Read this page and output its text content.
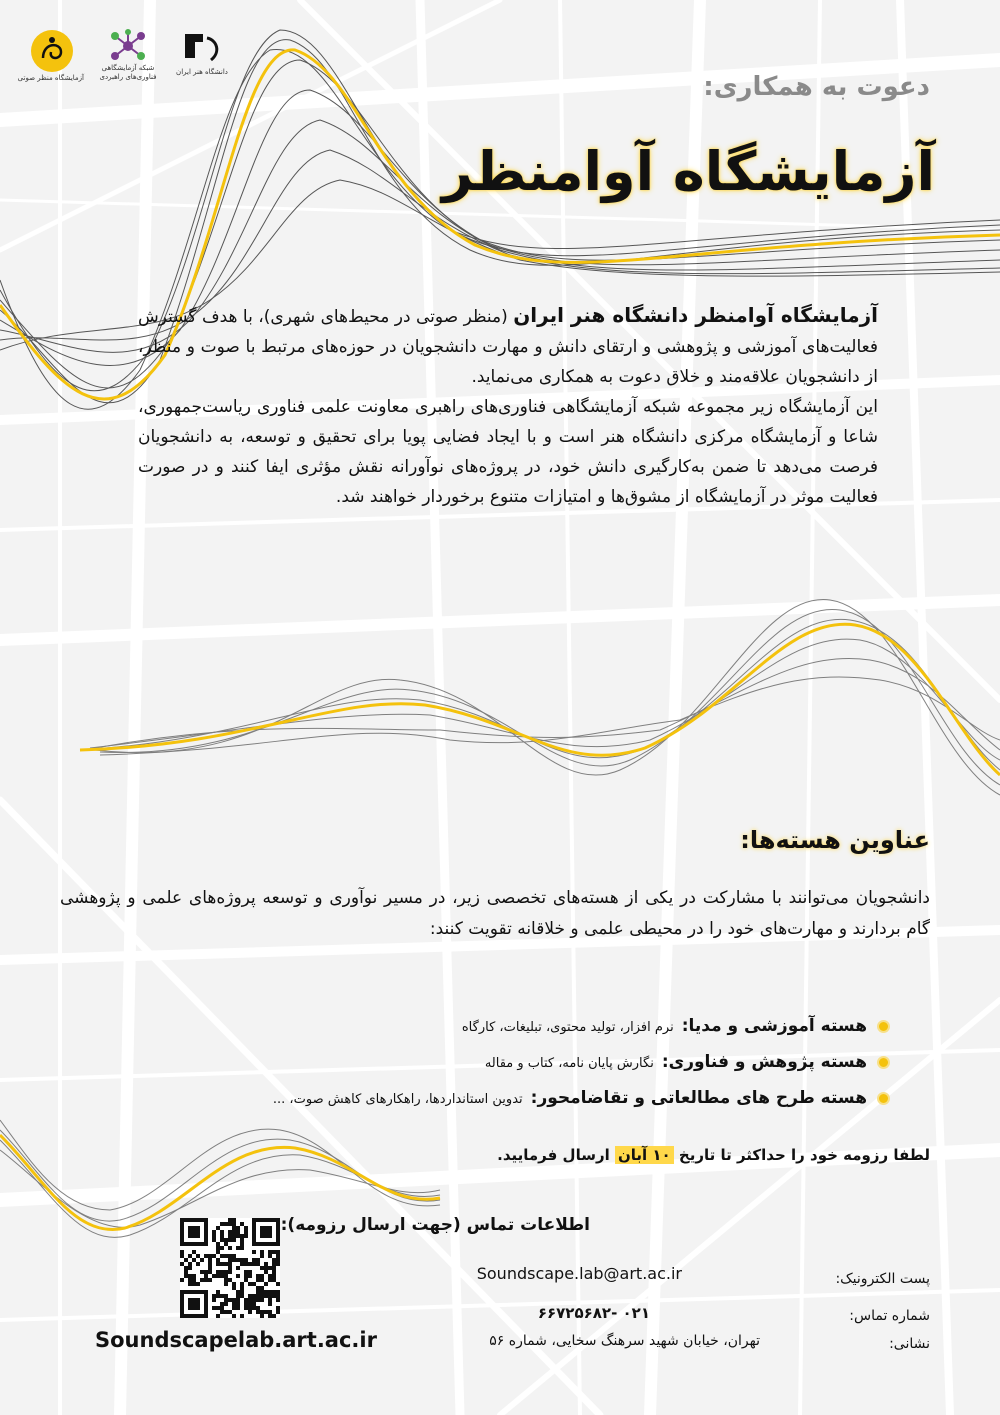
دانشگاه هنر ایران
شبکه آزمایشگاهی
فناوری‌های راهبردی
آزمایشگاه منظر صوتی	دعوت به همکاری:
آزمایشگاه آوامنظر

آزمایشگاه آوامنظر دانشگاه هنر ایران (منظر صوتی در محیط‌های شهری)، با هدف گسترش فعالیت‌های آموزشی و پژوهشی و ارتقای دانش و مهارت دانشجویان در حوزه‌های مرتبط با صوت و منظر، از دانشجویان علاقه‌مند و خلاق دعوت به همکاری می‌نماید.

این آزمایشگاه زیر مجموعه شبکه آزمایشگاهی فناوری‌های راهبری معاونت علمی فناوری ریاست‌جمهوری، شاعا و آزمایشگاه مرکزی دانشگاه هنر است و با ایجاد فضایی پویا برای تحقیق و توسعه، به دانشجویان فرصت می‌دهد تا ضمن به‌کارگیری دانش خود، در پروژه‌های نوآورانه نقش مؤثری ایفا کنند و در صورت فعالیت موثر در آزمایشگاه از مشوق‌ها و امتیازات متنوع برخوردار خواهند شد.

عناوین هسته‌ها:

دانشجویان می‌توانند با مشارکت در یکی از هسته‌های تخصصی زیر، در مسیر نوآوری و توسعه پروژه‌های علمی و پژوهشی گام بردارند و مهارت‌های خود را در محیطی علمی و خلاقانه تقویت کنند:

هسته آموزشی و مدیا:نرم افزار، تولید محتوی، تبلیغات، کارگاه
هسته پژوهش و فناوری:نگارش پایان نامه، کتاب و مقاله
هسته طرح های مطالعاتی و تقاضامحور:تدوین استانداردها، راهکارهای کاهش صوت، ...
لطفا رزومه خود را حداکثر تا تاریخ ۱۰ آبان ارسال فرمایید.
اطلاعات تماس (جهت ارسال رزومه):
پست الکترونیک:
Soundscape.lab@art.ac.ir
شماره تماس:
۰۲۱ -۶۶۷۲۵۶۸۲
نشانی:
تهران، خیابان شهید سرهنگ سخایی، شماره ۵۶
Soundscapelab.art.ac.ir
